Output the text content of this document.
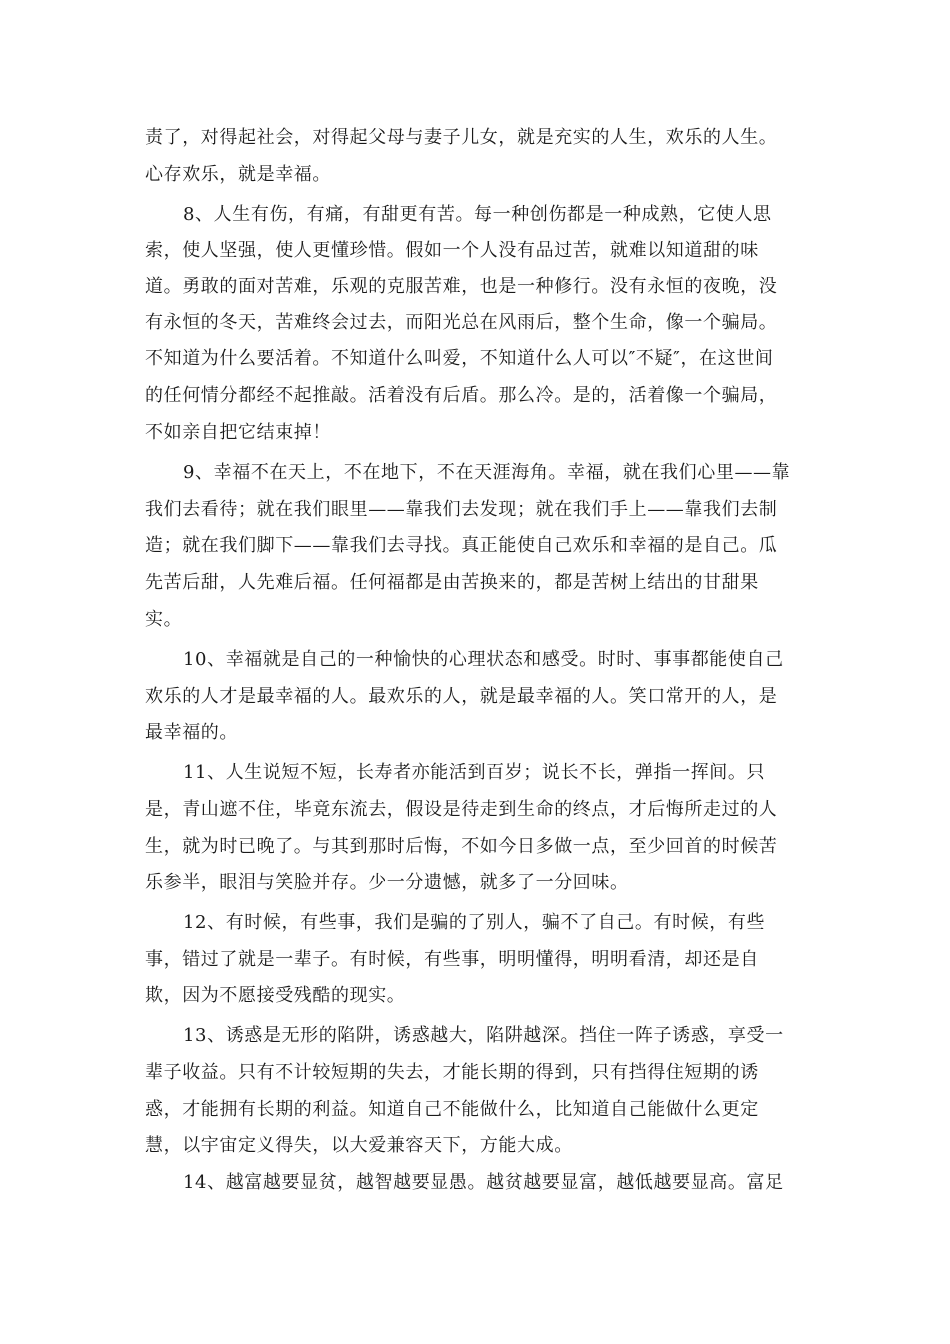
责了，对得起社会，对得起父母与妻子儿女，就是充实的人生，欢乐的人生。
心存欢乐，就是幸福。
8、人生有伤，有痛，有甜更有苦。每一种创伤都是一种成熟，它使人思
索，使人坚强，使人更懂珍惜。假如一个人没有品过苦，就难以知道甜的味
道。勇敢的面对苦难，乐观的克服苦难，也是一种修行。没有永恒的夜晚，没
有永恒的冬天，苦难终会过去，而阳光总在风雨后，整个生命，像一个骗局。
不知道为什么要活着。不知道什么叫爱，不知道什么人可以″不疑″，在这世间
的任何情分都经不起推敲。活着没有后盾。那么冷。是的，活着像一个骗局，
不如亲自把它结束掉！
9、幸福不在天上，不在地下，不在天涯海角。幸福，就在我们心里——靠
我们去看待；就在我们眼里——靠我们去发现；就在我们手上——靠我们去制
造；就在我们脚下——靠我们去寻找。真正能使自己欢乐和幸福的是自己。瓜
先苦后甜，人先难后福。任何福都是由苦换来的，都是苦树上结出的甘甜果
实。
10、幸福就是自己的一种愉快的心理状态和感受。时时、事事都能使自己
欢乐的人才是最幸福的人。最欢乐的人，就是最幸福的人。笑口常开的人，是
最幸福的。
11、人生说短不短，长寿者亦能活到百岁；说长不长，弹指一挥间。只
是，青山遮不住，毕竟东流去，假设是待走到生命的终点，才后悔所走过的人
生，就为时已晚了。与其到那时后悔，不如今日多做一点，至少回首的时候苦
乐参半，眼泪与笑脸并存。少一分遗憾，就多了一分回味。
12、有时候，有些事，我们是骗的了别人，骗不了自己。有时候，有些
事，错过了就是一辈子。有时候，有些事，明明懂得，明明看清，却还是自
欺，因为不愿接受残酷的现实。
13、诱惑是无形的陷阱，诱惑越大，陷阱越深。挡住一阵子诱惑，享受一
辈子收益。只有不计较短期的失去，才能长期的得到，只有挡得住短期的诱
惑，才能拥有长期的利益。知道自己不能做什么，比知道自己能做什么更定
慧，以宇宙定义得失，以大爱兼容天下，方能大成。
14、越富越要显贫，越智越要显愚。越贫越要显富，越低越要显高。富足
